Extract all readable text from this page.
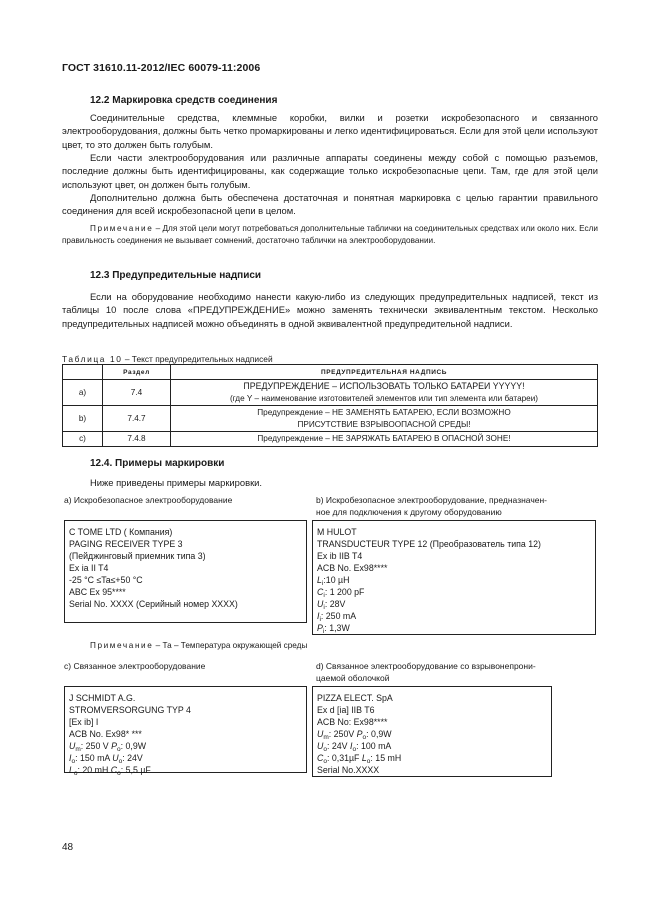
ГОСТ 31610.11-2012/IEC 60079-11:2006
12.2 Маркировка средств соединения
Соединительные средства, клеммные коробки, вилки и розетки искробезопасного и связанного электрооборудования, должны быть четко промаркированы и легко идентифицироваться. Если для этой цели используют цвет, то это должен быть голубым.
Если части электрооборудования или различные аппараты соединены между собой с помощью разъемов, последние должны быть идентифицированы, как содержащие только искробезопасные цепи. Там, где для этой цели используют цвет, он должен быть голубым.
Дополнительно должна быть обеспечена достаточная и понятная маркировка с целью гарантии правильного соединения для всей искробезопасной цепи в целом.
Примечание – Для этой цели могут потребоваться дополнительные таблички на соединительных средствах или около них. Если правильность соединения не вызывает сомнений, достаточно таблички на электрооборудовании.
12.3 Предупредительные надписи
Если на оборудование необходимо нанести какую-либо из следующих предупредительных надписей, текст из таблицы 10 после слова «ПРЕДУПРЕЖДЕНИЕ» можно заменять технически эквивалентным текстом. Несколько предупредительных надписей можно объединять в одной эквивалентной предупредительной надписи.
Таблица 10 – Текст предупредительных надписей
	Раздел	ПРЕДУПРЕДИТЕЛЬНАЯ НАДПИСЬ
a)	7.4	ПРЕДУПРЕЖДЕНИЕ – ИСПОЛЬЗОВАТЬ ТОЛЬКО БАТАРЕИ YYYYY!
(где Y – наименование изготовителей элементов или тип элемента или батареи)
b)	7.4.7	Предупреждение – НЕ ЗАМЕНЯТЬ БАТАРЕЮ, ЕСЛИ ВОЗМОЖНО
ПРИСУТСТВИЕ ВЗРЫВООПАСНОЙ СРЕДЫ!
c)	7.4.8	Предупреждение – НЕ ЗАРЯЖАТЬ БАТАРЕЮ В ОПАСНОЙ ЗОНЕ!
12.4. Примеры маркировки
Ниже приведены примеры маркировки.
а) Искробезопасное электрооборудование
C TOME LTD ( Компания)
PAGING RECEIVER TYPE 3
(Пейджинговый приемник типа 3)
Ex ia II T4
-25 °С ≤Ta≤+50 °С
ABC Ex 95****
Serial No. XXXX (Серийный номер XXXX)
b) Искробезопасное электрооборудование, предназначен-
ное для подключения к другому оборудованию
M HULOT
TRANSDUCTEUR TYPE 12 (Преобразователь типа 12)
Ex ib IIB T4
ACB No. Ex98****
$L_i:10$ µH
$C_i$: 1 200 pF
$U_i$: 28V
$I_i$: 250 mA
$P_i$: 1,3W
Примечание – Та – Температура окружающей среды
с) Связанное электрооборудование
J SCHMIDT A.G.
STROMVERSORGUNG TYP 4
[Ex ib] I
ACB No. Ex98* ***
$U_m$: 250 V $P_o$: 0,9W
$I_o$: 150 mA $U_o$: 24V
$L_o$: 20 mH $C_o$: 5,5 µF
d) Связанное электрооборудование со взрывонепрони-
цаемой оболочкой
PIZZA ELECT. SpA
Ex d [ia] IIB T6
ACB No: Ex98****
$U_m$: 250V $P_o$: 0,9W
$U_o$: 24V $I_o$: 100 mA
$C_o$: 0,31µF $L_o$: 15 mH
Serial No.XXXX
48
